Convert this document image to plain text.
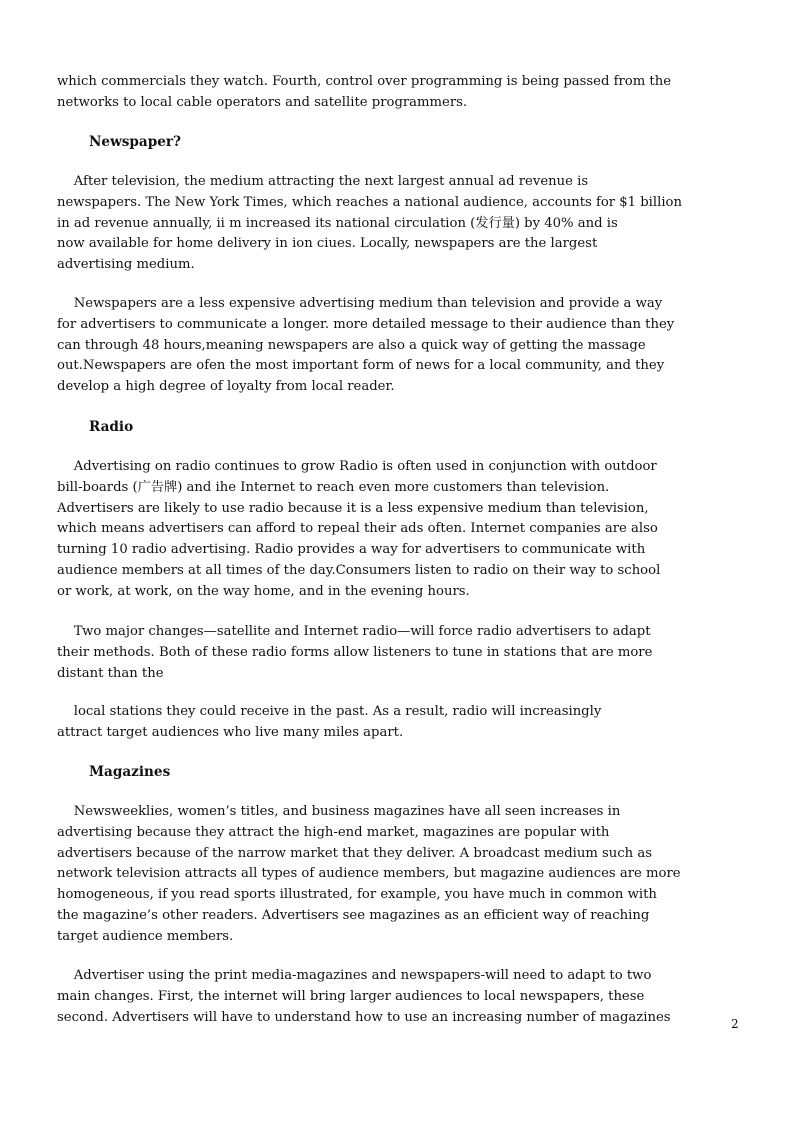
which commercials they watch. Fourth, control over programming is being passed from the
networks to local cable operators and satellite programmers.
Newspaper?
After television, the medium attracting the next largest annual ad revenue is
newspapers. The New York Times, which reaches a national audience, accounts for $1 billion
in ad revenue annually, ii m increased its national circulation (发行量) by 40% and is
now available for home delivery in ion ciues. Locally, newspapers are the largest
advertising medium.
Newspapers are a less expensive advertising medium than television and provide a way
for advertisers to communicate a longer. more detailed message to their audience than they
can through 48 hours,meaning newspapers are also a quick way of getting the massage
out.Newspapers are ofen the most important form of news for a local community, and they
develop a high degree of loyalty from local reader.
Radio
Advertising on radio continues to grow Radio is often used in conjunction with outdoor
bill-boards (广告牌) and ihe Internet to reach even more customers than television.
Advertisers are likely to use radio because it is a less expensive medium than television,
which means advertisers can afford to repeal their ads often. Internet companies are also
turning 10 radio advertising. Radio provides a way for advertisers to communicate with
audience members at all times of the day.Consumers listen to radio on their way to school
or work, at work, on the way home, and in the evening hours.
Two major changes—satellite and Internet radio—will force radio advertisers to adapt
their methods. Both of these radio forms allow listeners to tune in stations that are more
distant than the
local stations they could receive in the past. As a result, radio will increasingly
attract target audiences who live many miles apart.
Magazines
Newsweeklies, women’s titles, and business magazines have all seen increases in
advertising because they attract the high-end market, magazines are popular with
advertisers because of the narrow market that they deliver. A broadcast medium such as
network television attracts all types of audience members, but magazine audiences are more
homogeneous, if you read sports illustrated, for example, you have much in common with
the magazine’s other readers. Advertisers see magazines as an efficient way of reaching
target audience members.
Advertiser using the print media-magazines and newspapers-will need to adapt to two
main changes. First, the internet will bring larger audiences to local newspapers, these
second. Advertisers will have to understand how to use an increasing number of magazines	2
